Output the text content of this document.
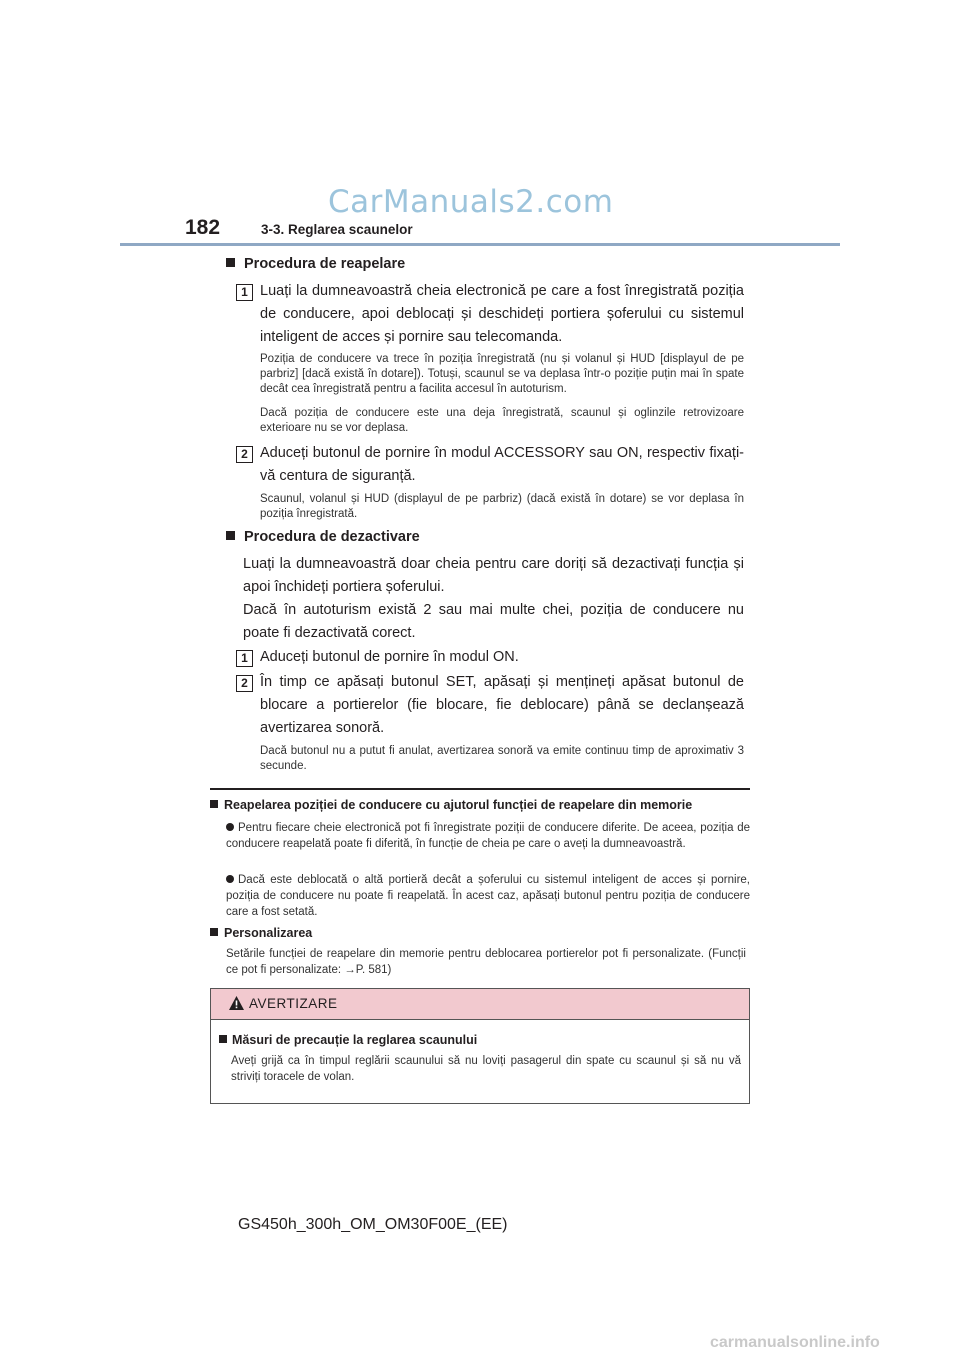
CarManuals2.com
182	3-3. Reglarea scaunelor
Procedura de reapelare
1 Luați la dumneavoastră cheia electronică pe care a fost înregistrată poziția de conducere, apoi deblocați și deschideți portiera șoferului cu sistemul inteligent de acces și pornire sau telecomanda.
Poziția de conducere va trece în poziția înregistrată (nu și volanul și HUD [displayul de pe parbriz] [dacă există în dotare]). Totuși, scaunul se va deplasa într-o poziție puțin mai în spate decât cea înregistrată pentru a facilita accesul în autoturism.
Dacă poziția de conducere este una deja înregistrată, scaunul și oglinzile retrovizoare exterioare nu se vor deplasa.
2 Aduceți butonul de pornire în modul ACCESSORY sau ON, respectiv fixați-vă centura de siguranță.
Scaunul, volanul și HUD (displayul de pe parbriz) (dacă există în dotare) se vor deplasa în poziția înregistrată.
Procedura de dezactivare
Luați la dumneavoastră doar cheia pentru care doriți să dezactivați funcția și apoi închideți portiera șoferului.
Dacă în autoturism există 2 sau mai multe chei, poziția de conducere nu poate fi dezactivată corect.
1 Aduceți butonul de pornire în modul ON.
2 În timp ce apăsați butonul SET, apăsați și mențineți apăsat butonul de blocare a portierelor (fie blocare, fie deblocare) până se declanșează avertizarea sonoră.
Dacă butonul nu a putut fi anulat, avertizarea sonoră va emite continuu timp de aproximativ 3 secunde.
Reapelarea poziției de conducere cu ajutorul funcției de reapelare din memorie
Pentru fiecare cheie electronică pot fi înregistrate poziții de conducere diferite. De aceea, poziția de conducere reapelată poate fi diferită, în funcție de cheia pe care o aveți la dumneavoastră.
Dacă este deblocată o altă portieră decât a șoferului cu sistemul inteligent de acces și pornire, poziția de conducere nu poate fi reapelată. În acest caz, apăsați butonul pentru poziția de conducere care a fost setată.
Personalizarea
Setările funcției de reapelare din memorie pentru deblocarea portierelor pot fi personalizate. (Funcții ce pot fi personalizate: →P. 581)
AVERTIZARE
Măsuri de precauție la reglarea scaunului
Aveți grijă ca în timpul reglării scaunului să nu loviți pasagerul din spate cu scaunul și să nu vă striviți toracele de volan.
GS450h_300h_OM_OM30F00E_(EE)
carmanualsonline.info
